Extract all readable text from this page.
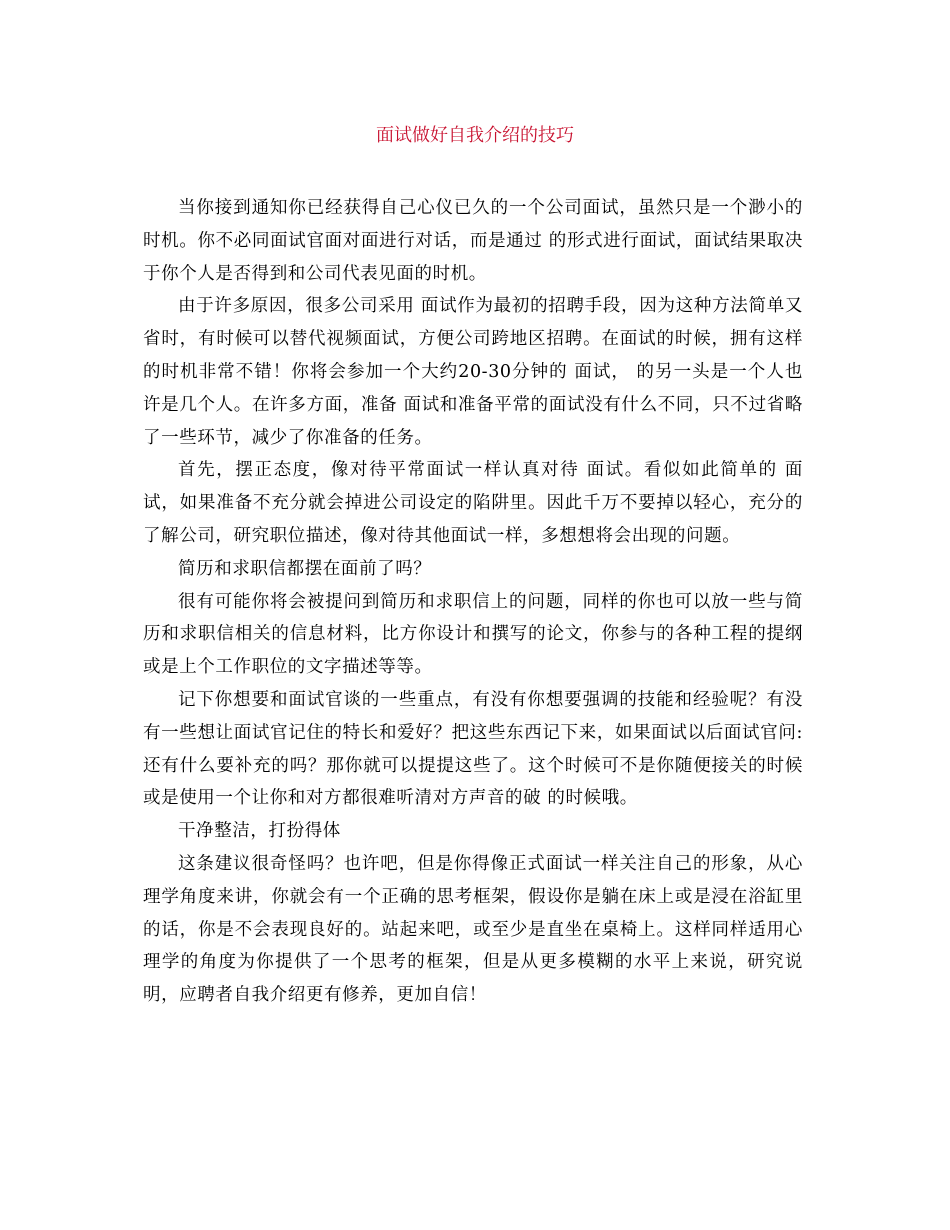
面试做好自我介绍的技巧

当你接到通知你已经获得自己心仪已久的一个公司面试，虽然只是一个渺小的时机。你不必同面试官面对面进行对话，而是通过 的形式进行面试，面试结果取决于你个人是否得到和公司代表见面的时机。

由于许多原因，很多公司采用 面试作为最初的招聘手段，因为这种方法简单又省时，有时候可以替代视频面试，方便公司跨地区招聘。在面试的时候，拥有这样的时机非常不错！你将会参加一个大约20-30分钟的 面试， 的另一头是一个人也许是几个人。在许多方面，准备 面试和准备平常的面试没有什么不同，只不过省略了一些环节，减少了你准备的任务。

首先，摆正态度，像对待平常面试一样认真对待 面试。看似如此简单的 面试，如果准备不充分就会掉进公司设定的陷阱里。因此千万不要掉以轻心，充分的了解公司，研究职位描述，像对待其他面试一样，多想想将会出现的问题。

简历和求职信都摆在面前了吗？

很有可能你将会被提问到简历和求职信上的问题，同样的你也可以放一些与简历和求职信相关的信息材料，比方你设计和撰写的论文，你参与的各种工程的提纲或是上个工作职位的文字描述等等。

记下你想要和面试官谈的一些重点，有没有你想要强调的技能和经验呢？有没有一些想让面试官记住的特长和爱好？把这些东西记下来，如果面试以后面试官问:还有什么要补充的吗？那你就可以提提这些了。这个时候可不是你随便接关的时候或是使用一个让你和对方都很难听清对方声音的破 的时候哦。

干净整洁，打扮得体

这条建议很奇怪吗？也许吧，但是你得像正式面试一样关注自己的形象，从心理学角度来讲，你就会有一个正确的思考框架，假设你是躺在床上或是浸在浴缸里的话，你是不会表现良好的。站起来吧，或至少是直坐在桌椅上。这样同样适用心理学的角度为你提供了一个思考的框架，但是从更多模糊的水平上来说，研究说明，应聘者自我介绍更有修养，更加自信！
